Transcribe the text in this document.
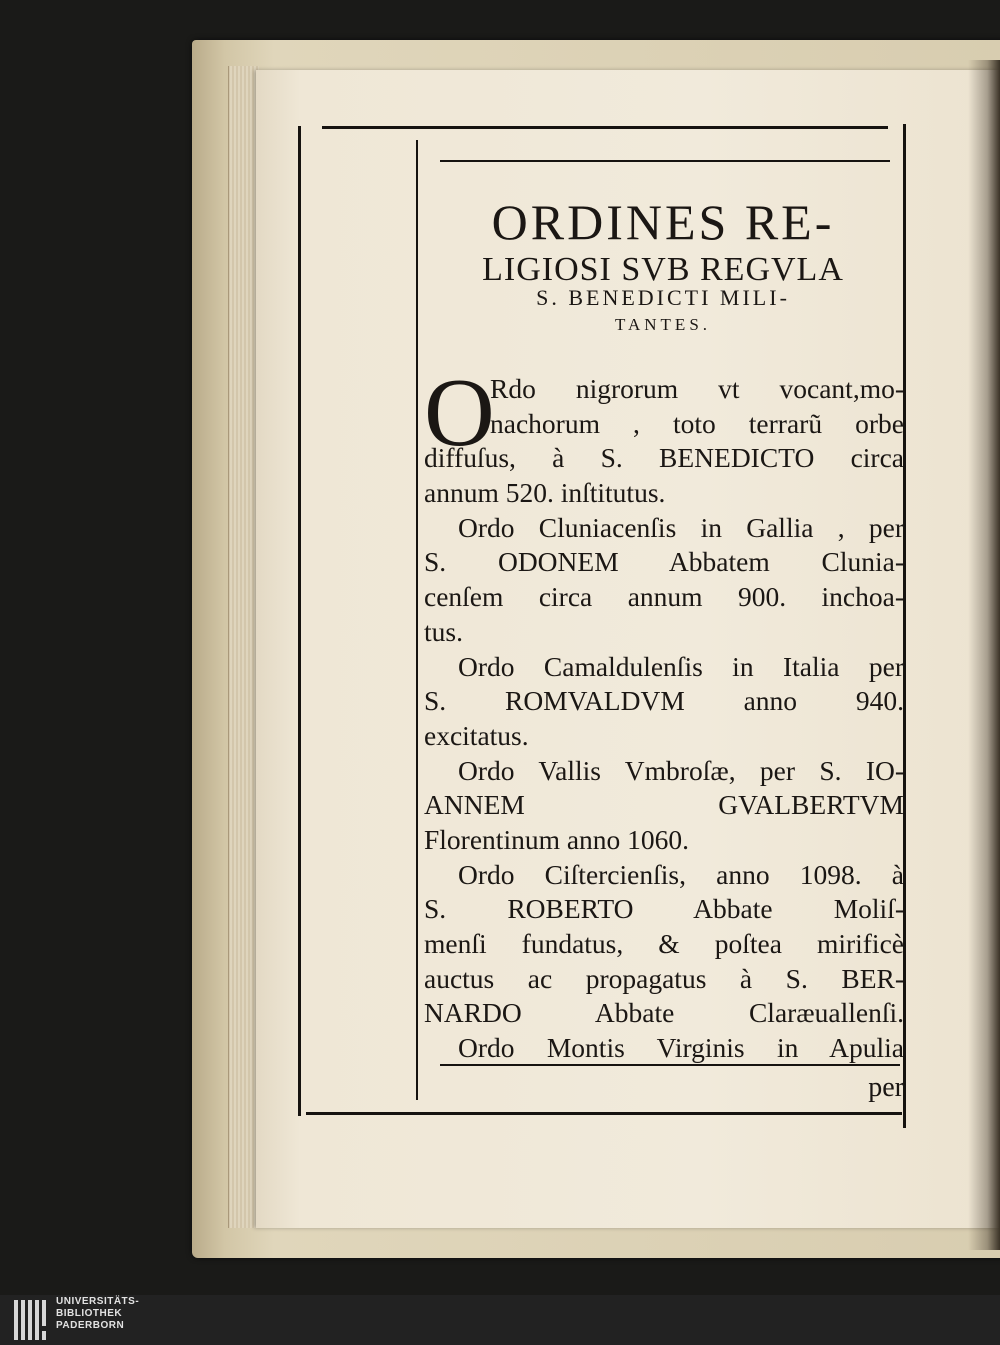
ORDINES RE-
LIGIOSI SVB REGVLA
S. BENEDICTI MILI-
TANTES.
O
Rdo nigrorum vt vocant,mo-
nachorum , toto terrarũ orbe
diffuſus, à S. BENEDICTO circa
annum 520. inſtitutus.
Ordo Cluniacenſis in Gallia , per
S. ODONEM Abbatem Clunia-
cenſem circa annum 900. inchoa-
tus.
Ordo Camaldulenſis in Italia per
S. ROMVALDVM anno 940.
excitatus.
Ordo Vallis Vmbroſæ, per S. IO-
ANNEM GVALBERTVM
Florentinum anno 1060.
Ordo Ciſtercienſis, anno 1098. à
S. ROBERTO Abbate Moliſ-
menſi fundatus, & poſtea mirificè
auctus ac propagatus à S. BER-
NARDO Abbate Claræuallenſi.
Ordo Montis Virginis in Apulia
per
UNIVERSITÄTS-
BIBLIOTHEK
PADERBORN
